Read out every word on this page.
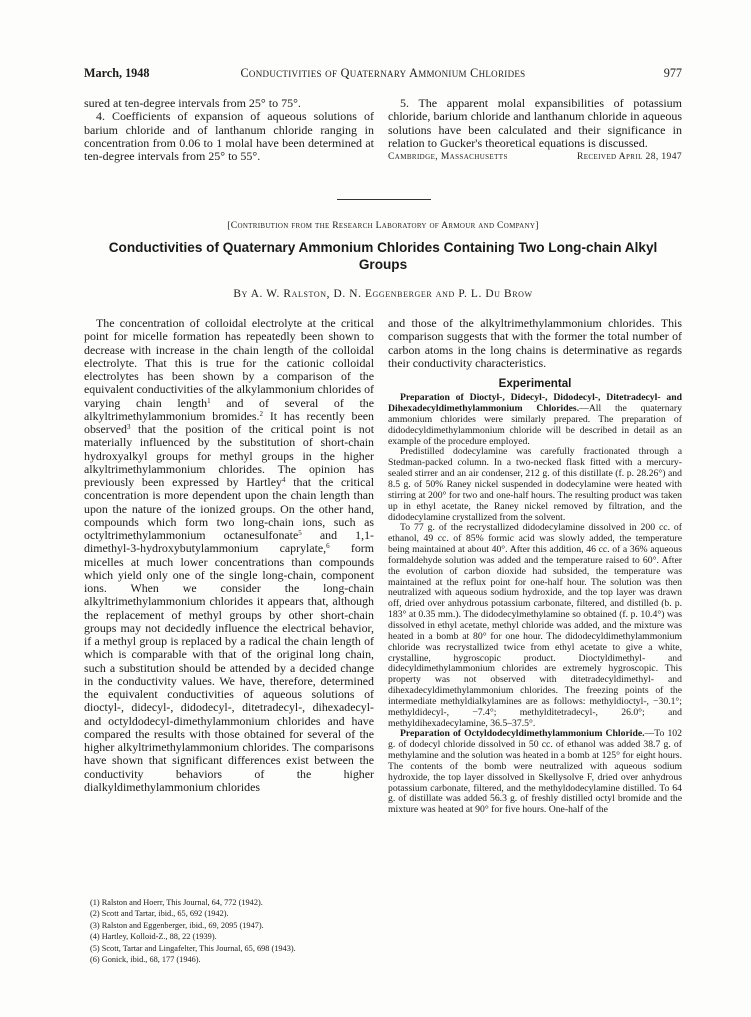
March, 1948	Conductivities of Quaternary Ammonium Chlorides	977

sured at ten-degree intervals from 25° to 75°.

4. Coefficients of expansion of aqueous solutions of barium chloride and of lanthanum chloride ranging in concentration from 0.06 to 1 molal have been determined at ten-degree intervals from 25° to 55°.

5. The apparent molal expansibilities of potassium chloride, barium chloride and lanthanum chloride in aqueous solutions have been calculated and their significance in relation to Gucker's theoretical equations is discussed.

Cambridge, Massachusetts	Received April 28, 1947
[Contribution from the Research Laboratory of Armour and Company]
Conductivities of Quaternary Ammonium Chlorides Containing Two Long-chain Alkyl Groups
By A. W. Ralston, D. N. Eggenberger and P. L. Du Brow

The concentration of colloidal electrolyte at the critical point for micelle formation has repeatedly been shown to decrease with increase in the chain length of the colloidal electrolyte. That this is true for the cationic colloidal electrolytes has been shown by a comparison of the equivalent conductivities of the alkylammonium chlorides of varying chain length$^1$ and of several of the alkyltrimethylammonium bromides.$^2$ It has recently been observed$^3$ that the position of the critical point is not materially influenced by the substitution of short-chain hydroxyalkyl groups for methyl groups in the higher alkyltrimethylammonium chlorides. The opinion has previously been expressed by Hartley$^4$ that the critical concentration is more dependent upon the chain length than upon the nature of the ionized groups. On the other hand, compounds which form two long-chain ions, such as octyltrimethylammonium octanesulfonate$^5$ and 1,1-dimethyl-3-hydroxybutylammonium caprylate,$^6$ form micelles at much lower concentrations than compounds which yield only one of the single long-chain, component ions. When we consider the long-chain alkyltrimethylammonium chlorides it appears that, although the replacement of methyl groups by other short-chain groups may not decidedly influence the electrical behavior, if a methyl group is replaced by a radical the chain length of which is comparable with that of the original long chain, such a substitution should be attended by a decided change in the conductivity values. We have, therefore, determined the equivalent conductivities of aqueous solutions of dioctyl-, didecyl-, didodecyl-, ditetradecyl-, dihexadecyl- and octyldodecyl-dimethylammonium chlorides and have compared the results with those obtained for several of the higher alkyltrimethylammonium chlorides. The comparisons have shown that significant differences exist between the conductivity behaviors of the higher dialkyldimethylammonium chlorides

(1) Ralston and Hoerr, This Journal, 64, 772 (1942).
(2) Scott and Tartar, ibid., 65, 692 (1942).
(3) Ralston and Eggenberger, ibid., 69, 2095 (1947).
(4) Hartley, Kolloid-Z., 88, 22 (1939).
(5) Scott, Tartar and Lingafelter, This Journal, 65, 698 (1943).
(6) Gonick, ibid., 68, 177 (1946).

and those of the alkyltrimethylammonium chlorides. This comparison suggests that with the former the total number of carbon atoms in the long chains is determinative as regards their conductivity characteristics.

Experimental

Preparation of Dioctyl-, Didecyl-, Didodecyl-, Ditetradecyl- and Dihexadecyldimethylammonium Chlorides.—All the quaternary ammonium chlorides were similarly prepared. The preparation of didodecyldimethylammonium chloride will be described in detail as an example of the procedure employed.

Predistilled dodecylamine was carefully fractionated through a Stedman-packed column. In a two-necked flask fitted with a mercury-sealed stirrer and an air condenser, 212 g. of this distillate (f. p. 28.26°) and 8.5 g. of 50% Raney nickel suspended in dodecylamine were heated with stirring at 200° for two and one-half hours. The resulting product was taken up in ethyl acetate, the Raney nickel removed by filtration, and the didodecylamine crystallized from the solvent.

To 77 g. of the recrystallized didodecylamine dissolved in 200 cc. of ethanol, 49 cc. of 85% formic acid was slowly added, the temperature being maintained at about 40°. After this addition, 46 cc. of a 36% aqueous formaldehyde solution was added and the temperature raised to 60°. After the evolution of carbon dioxide had subsided, the temperature was maintained at the reflux point for one-half hour. The solution was then neutralized with aqueous sodium hydroxide, and the top layer was drawn off, dried over anhydrous potassium carbonate, filtered, and distilled (b. p. 183° at 0.35 mm.). The didodecylmethylamine so obtained (f. p. 10.4°) was dissolved in ethyl acetate, methyl chloride was added, and the mixture was heated in a bomb at 80° for one hour. The didodecyldimethylammonium chloride was recrystallized twice from ethyl acetate to give a white, crystalline, hygroscopic product. Dioctyldimethyl- and didecyldimethylammonium chlorides are extremely hygroscopic. This property was not observed with ditetradecyldimethyl- and dihexadecyldimethylammonium chlorides. The freezing points of the intermediate methyldialkylamines are as follows: methyldioctyl-, −30.1°; methyldidecyl-, −7.4°; methylditetradecyl-, 26.0°; and methyldihexadecylamine, 36.5–37.5°.

Preparation of Octyldodecyldimethylammonium Chloride.—To 102 g. of dodecyl chloride dissolved in 50 cc. of ethanol was added 38.7 g. of methylamine and the solution was heated in a bomb at 125° for eight hours. The contents of the bomb were neutralized with aqueous sodium hydroxide, the top layer dissolved in Skellysolve F, dried over anhydrous potassium carbonate, filtered, and the methyldodecylamine distilled. To 64 g. of distillate was added 56.3 g. of freshly distilled octyl bromide and the mixture was heated at 90° for five hours. One-half of the
